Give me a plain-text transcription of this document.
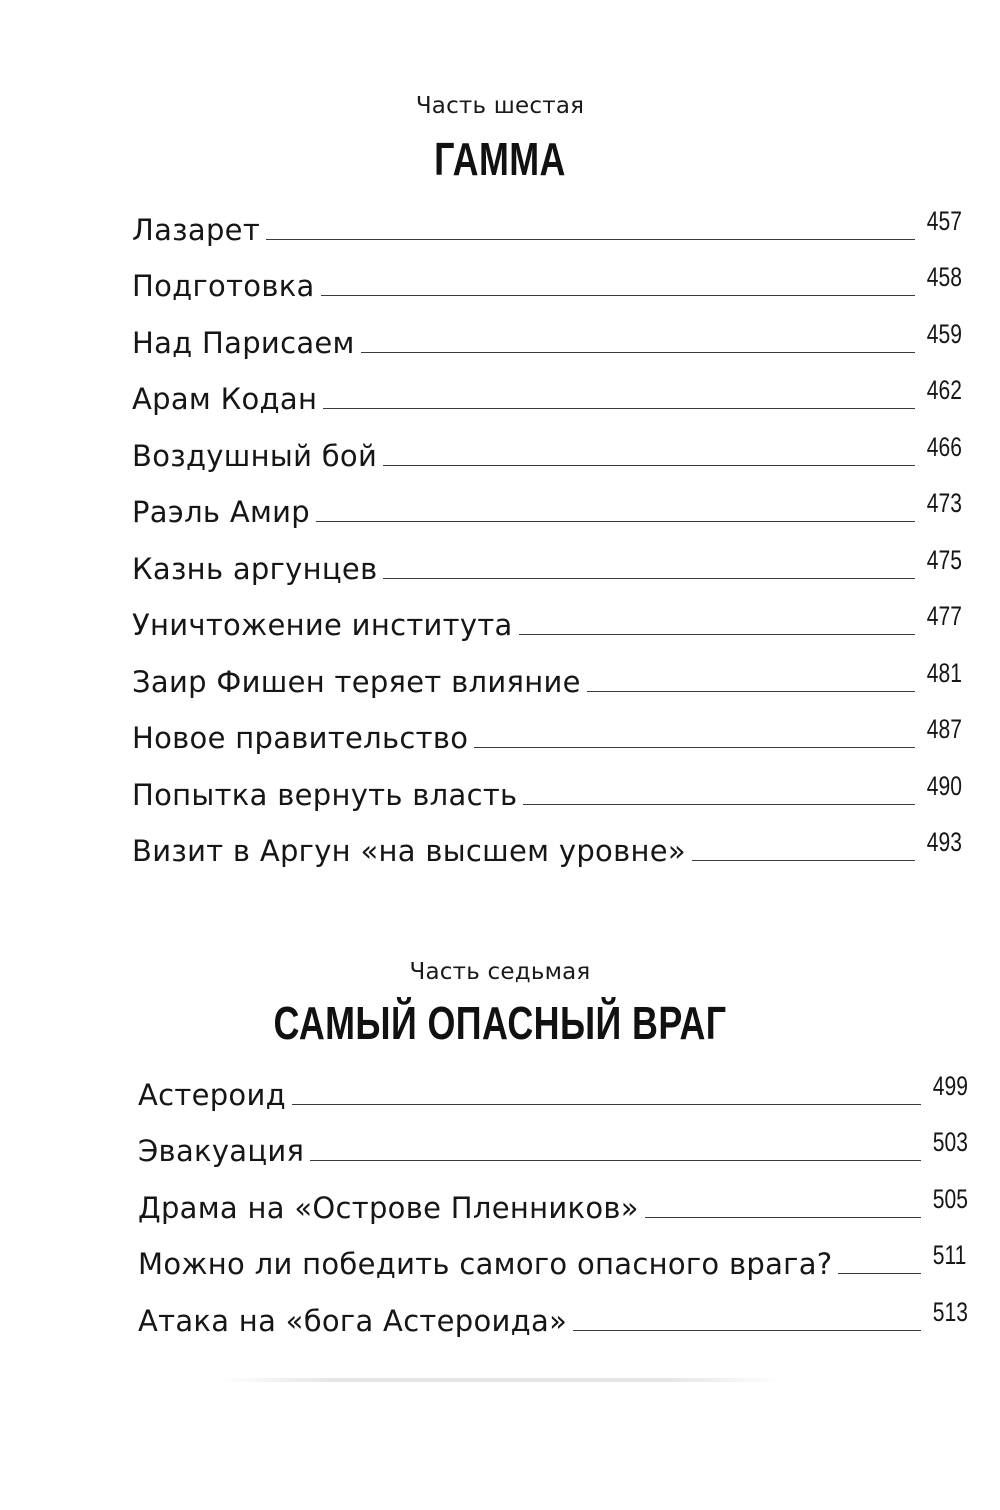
Часть шестая
ГАММА
Лазарет	457
Подготовка	458
Над Парисаем	459
Арам Кодан	462
Воздушный бой	466
Раэль Амир	473
Казнь аргунцев	475
Уничтожение института	477
Заир Фишен теряет влияние	481
Новое правительство	487
Попытка вернуть власть	490
Визит в Аргун «на высшем уровне»	493
Часть седьмая
САМЫЙ ОПАСНЫЙ ВРАГ
Астероид	499
Эвакуация	503
Драма на «Острове Пленников»	505
Можно ли победить самого опасного врага?	511
Атака на «бога Астероида»	513
